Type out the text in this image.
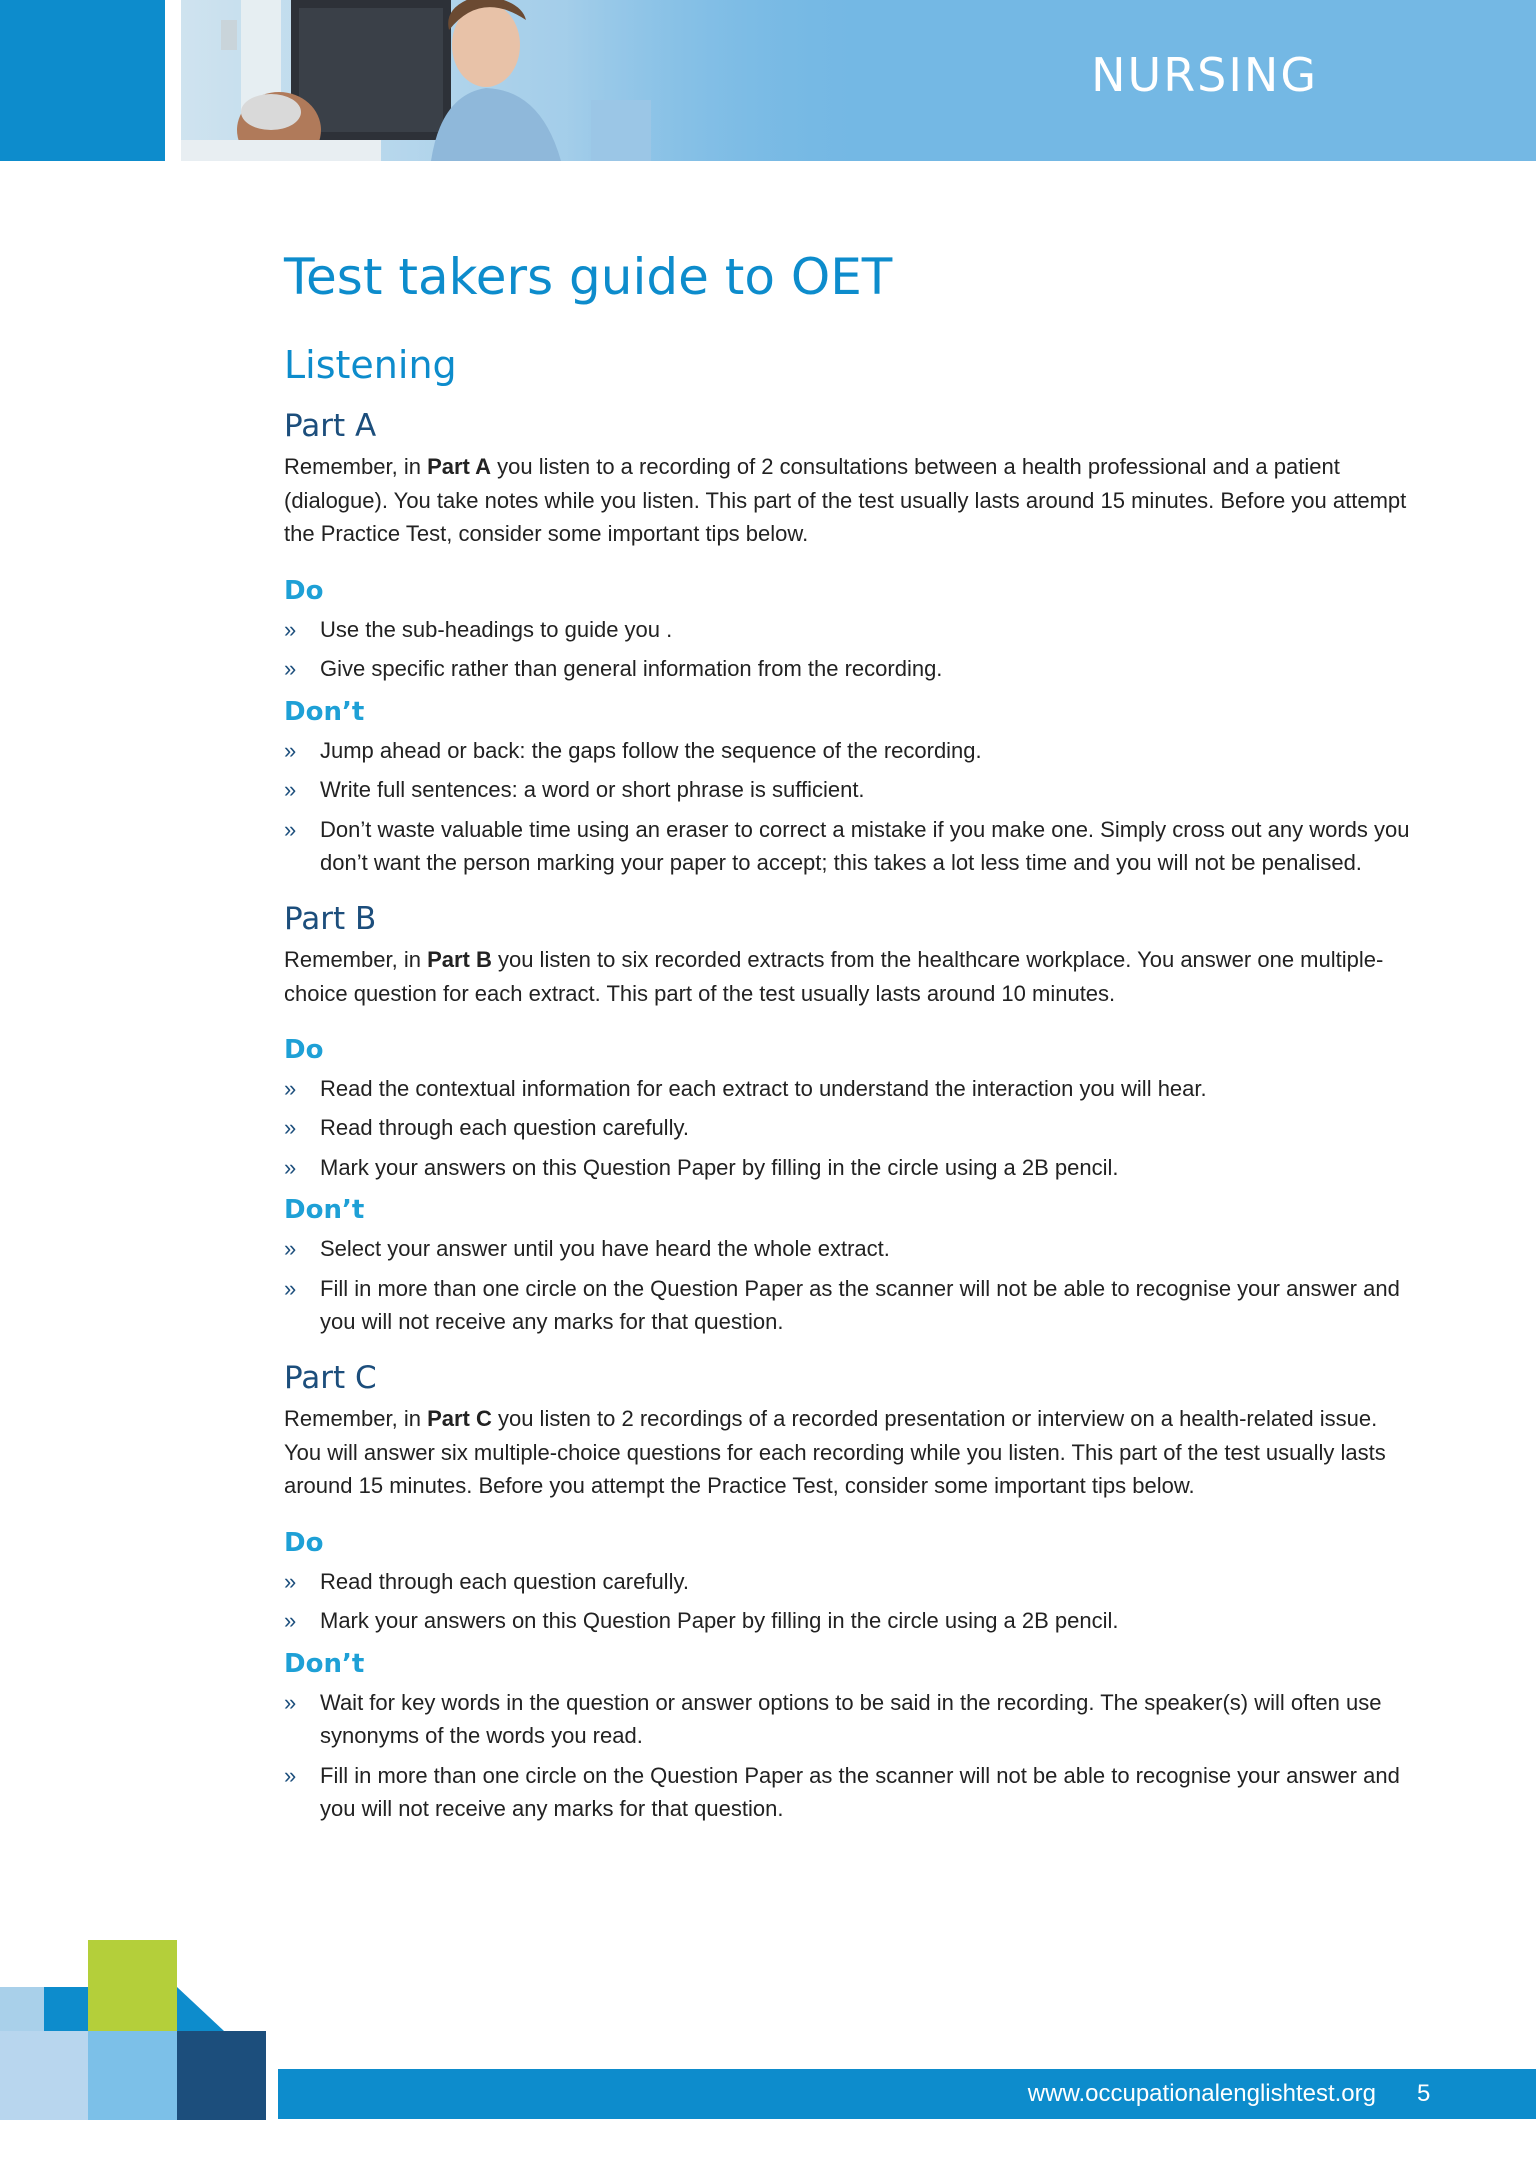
NURSING
Test takers guide to OET
Listening
Part A

Remember, in Part A you listen to a recording of 2 consultations between a health professional and a patient (dialogue). You take notes while you listen. This part of the test usually lasts around 15 minutes. Before you attempt the Practice Test, consider some important tips below.

Do
» Use the sub-headings to guide you .
» Give specific rather than general information from the recording.
Don’t
» Jump ahead or back: the gaps follow the sequence of the recording.
» Write full sentences: a word or short phrase is sufficient.
» Don’t waste valuable time using an eraser to correct a mistake if you make one. Simply cross out any words you don’t want the person marking your paper to accept; this takes a lot less time and you will not be penalised.
Part B

Remember, in Part B you listen to six recorded extracts from the healthcare workplace. You answer one multiple-choice question for each extract. This part of the test usually lasts around 10 minutes.

Do
» Read the contextual information for each extract to understand the interaction you will hear.
» Read through each question carefully.
» Mark your answers on this Question Paper by filling in the circle using a 2B pencil.
Don’t
» Select your answer until you have heard the whole extract.
» Fill in more than one circle on the Question Paper as the scanner will not be able to recognise your answer and you will not receive any marks for that question.
Part C

Remember, in Part C you listen to 2 recordings of a recorded presentation or interview on a health-related issue. You will answer six multiple-choice questions for each recording while you listen. This part of the test usually lasts around 15 minutes. Before you attempt the Practice Test, consider some important tips below.

Do
» Read through each question carefully.
» Mark your answers on this Question Paper by filling in the circle using a 2B pencil.
Don’t
» Wait for key words in the question or answer options to be said in the recording. The speaker(s) will often use synonyms of the words you read.
» Fill in more than one circle on the Question Paper as the scanner will not be able to recognise your answer and you will not receive any marks for that question.
www.occupationalenglishtest.org 5
